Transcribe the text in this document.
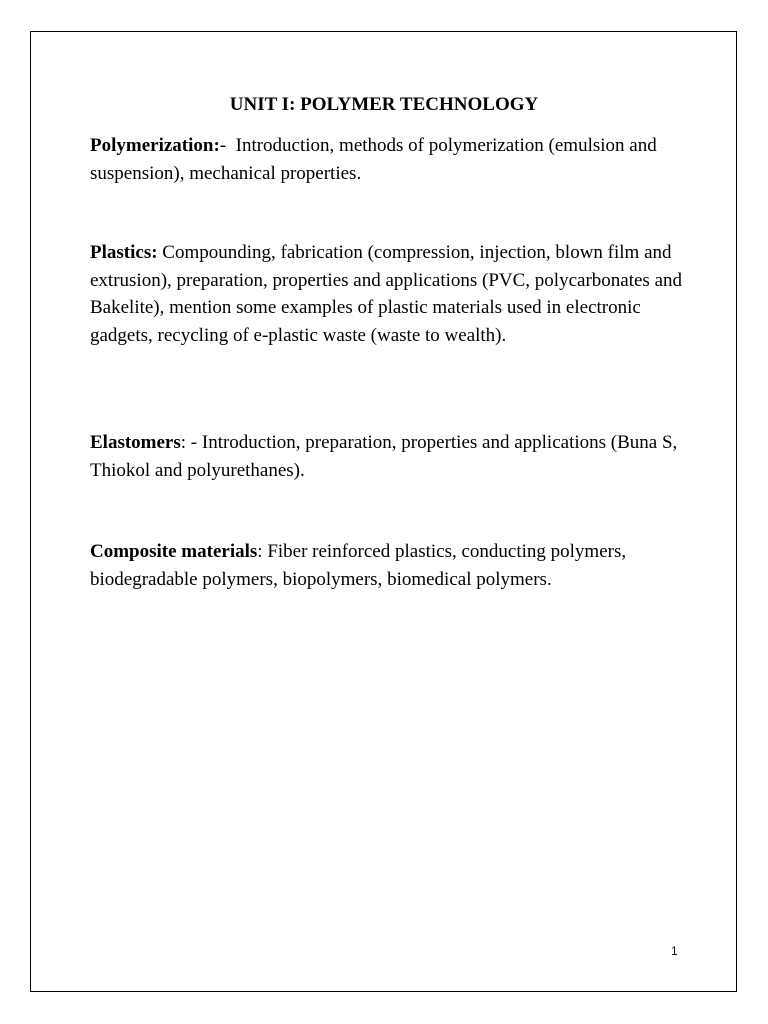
UNIT I: POLYMER TECHNOLOGY

Polymerization:-  Introduction, methods of polymerization (emulsion and suspension), mechanical properties.

Plastics: Compounding, fabrication (compression, injection, blown film and extrusion), preparation, properties and applications (PVC, polycarbonates and Bakelite), mention some examples of plastic materials used in electronic gadgets, recycling of e-plastic waste (waste to wealth).

Elastomers: - Introduction, preparation, properties and applications (Buna S, Thiokol and polyurethanes).

Composite materials: Fiber reinforced plastics, conducting polymers, biodegradable polymers, biopolymers, biomedical polymers.

1
